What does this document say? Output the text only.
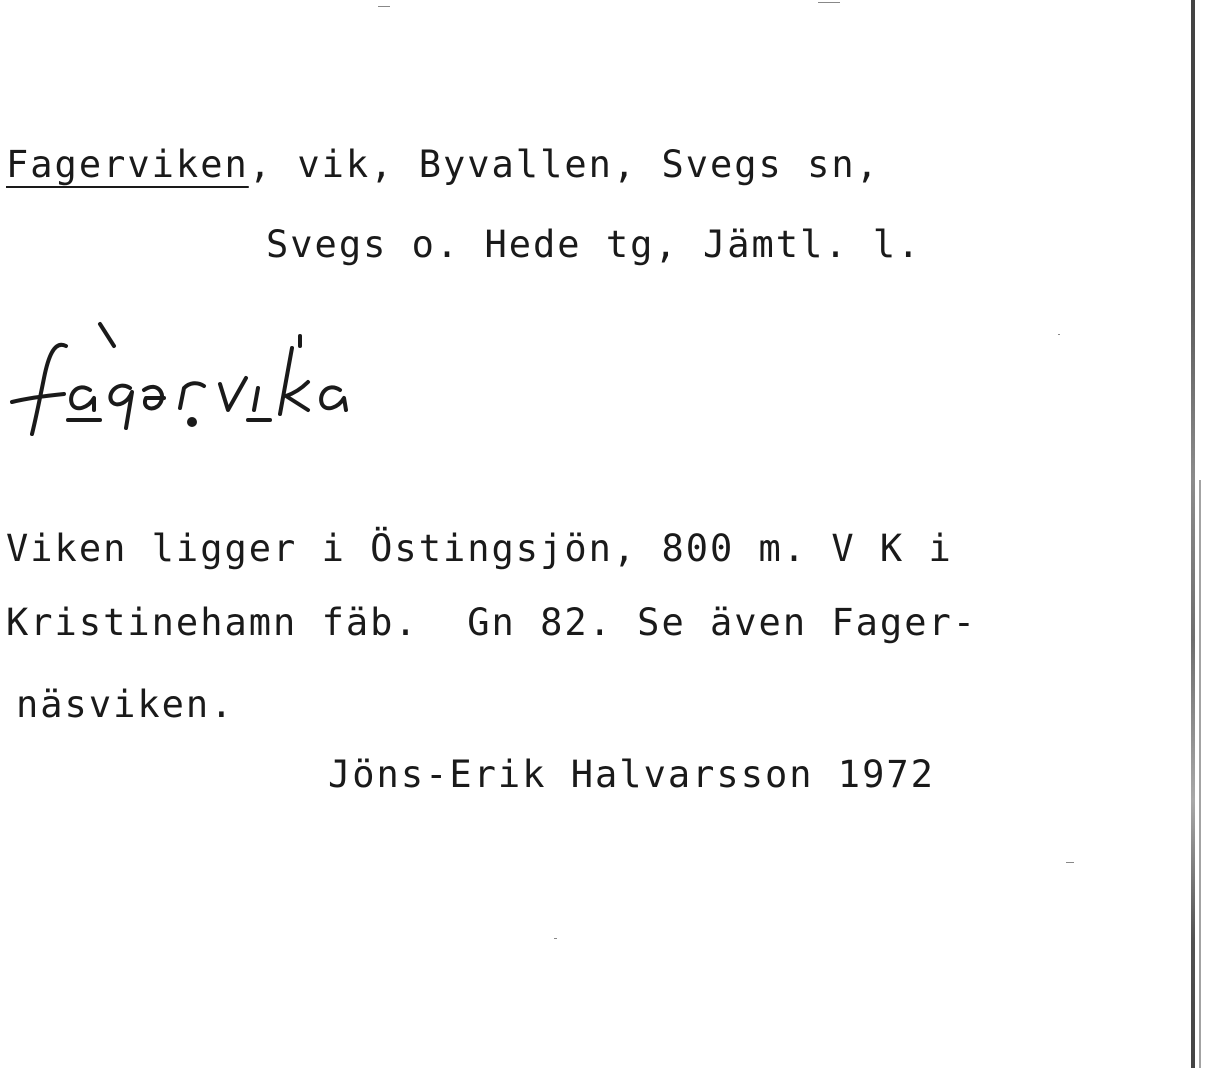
Fagerviken, vik, Byvallen, Svegs sn,
Svegs o. Hede tg, Jämtl. l.
Viken ligger i Östingsjön, 800 m. V K i
Kristinehamn fäb.  Gn 82. Se även Fager-
näsviken.
Jöns-Erik Halvarsson 1972
